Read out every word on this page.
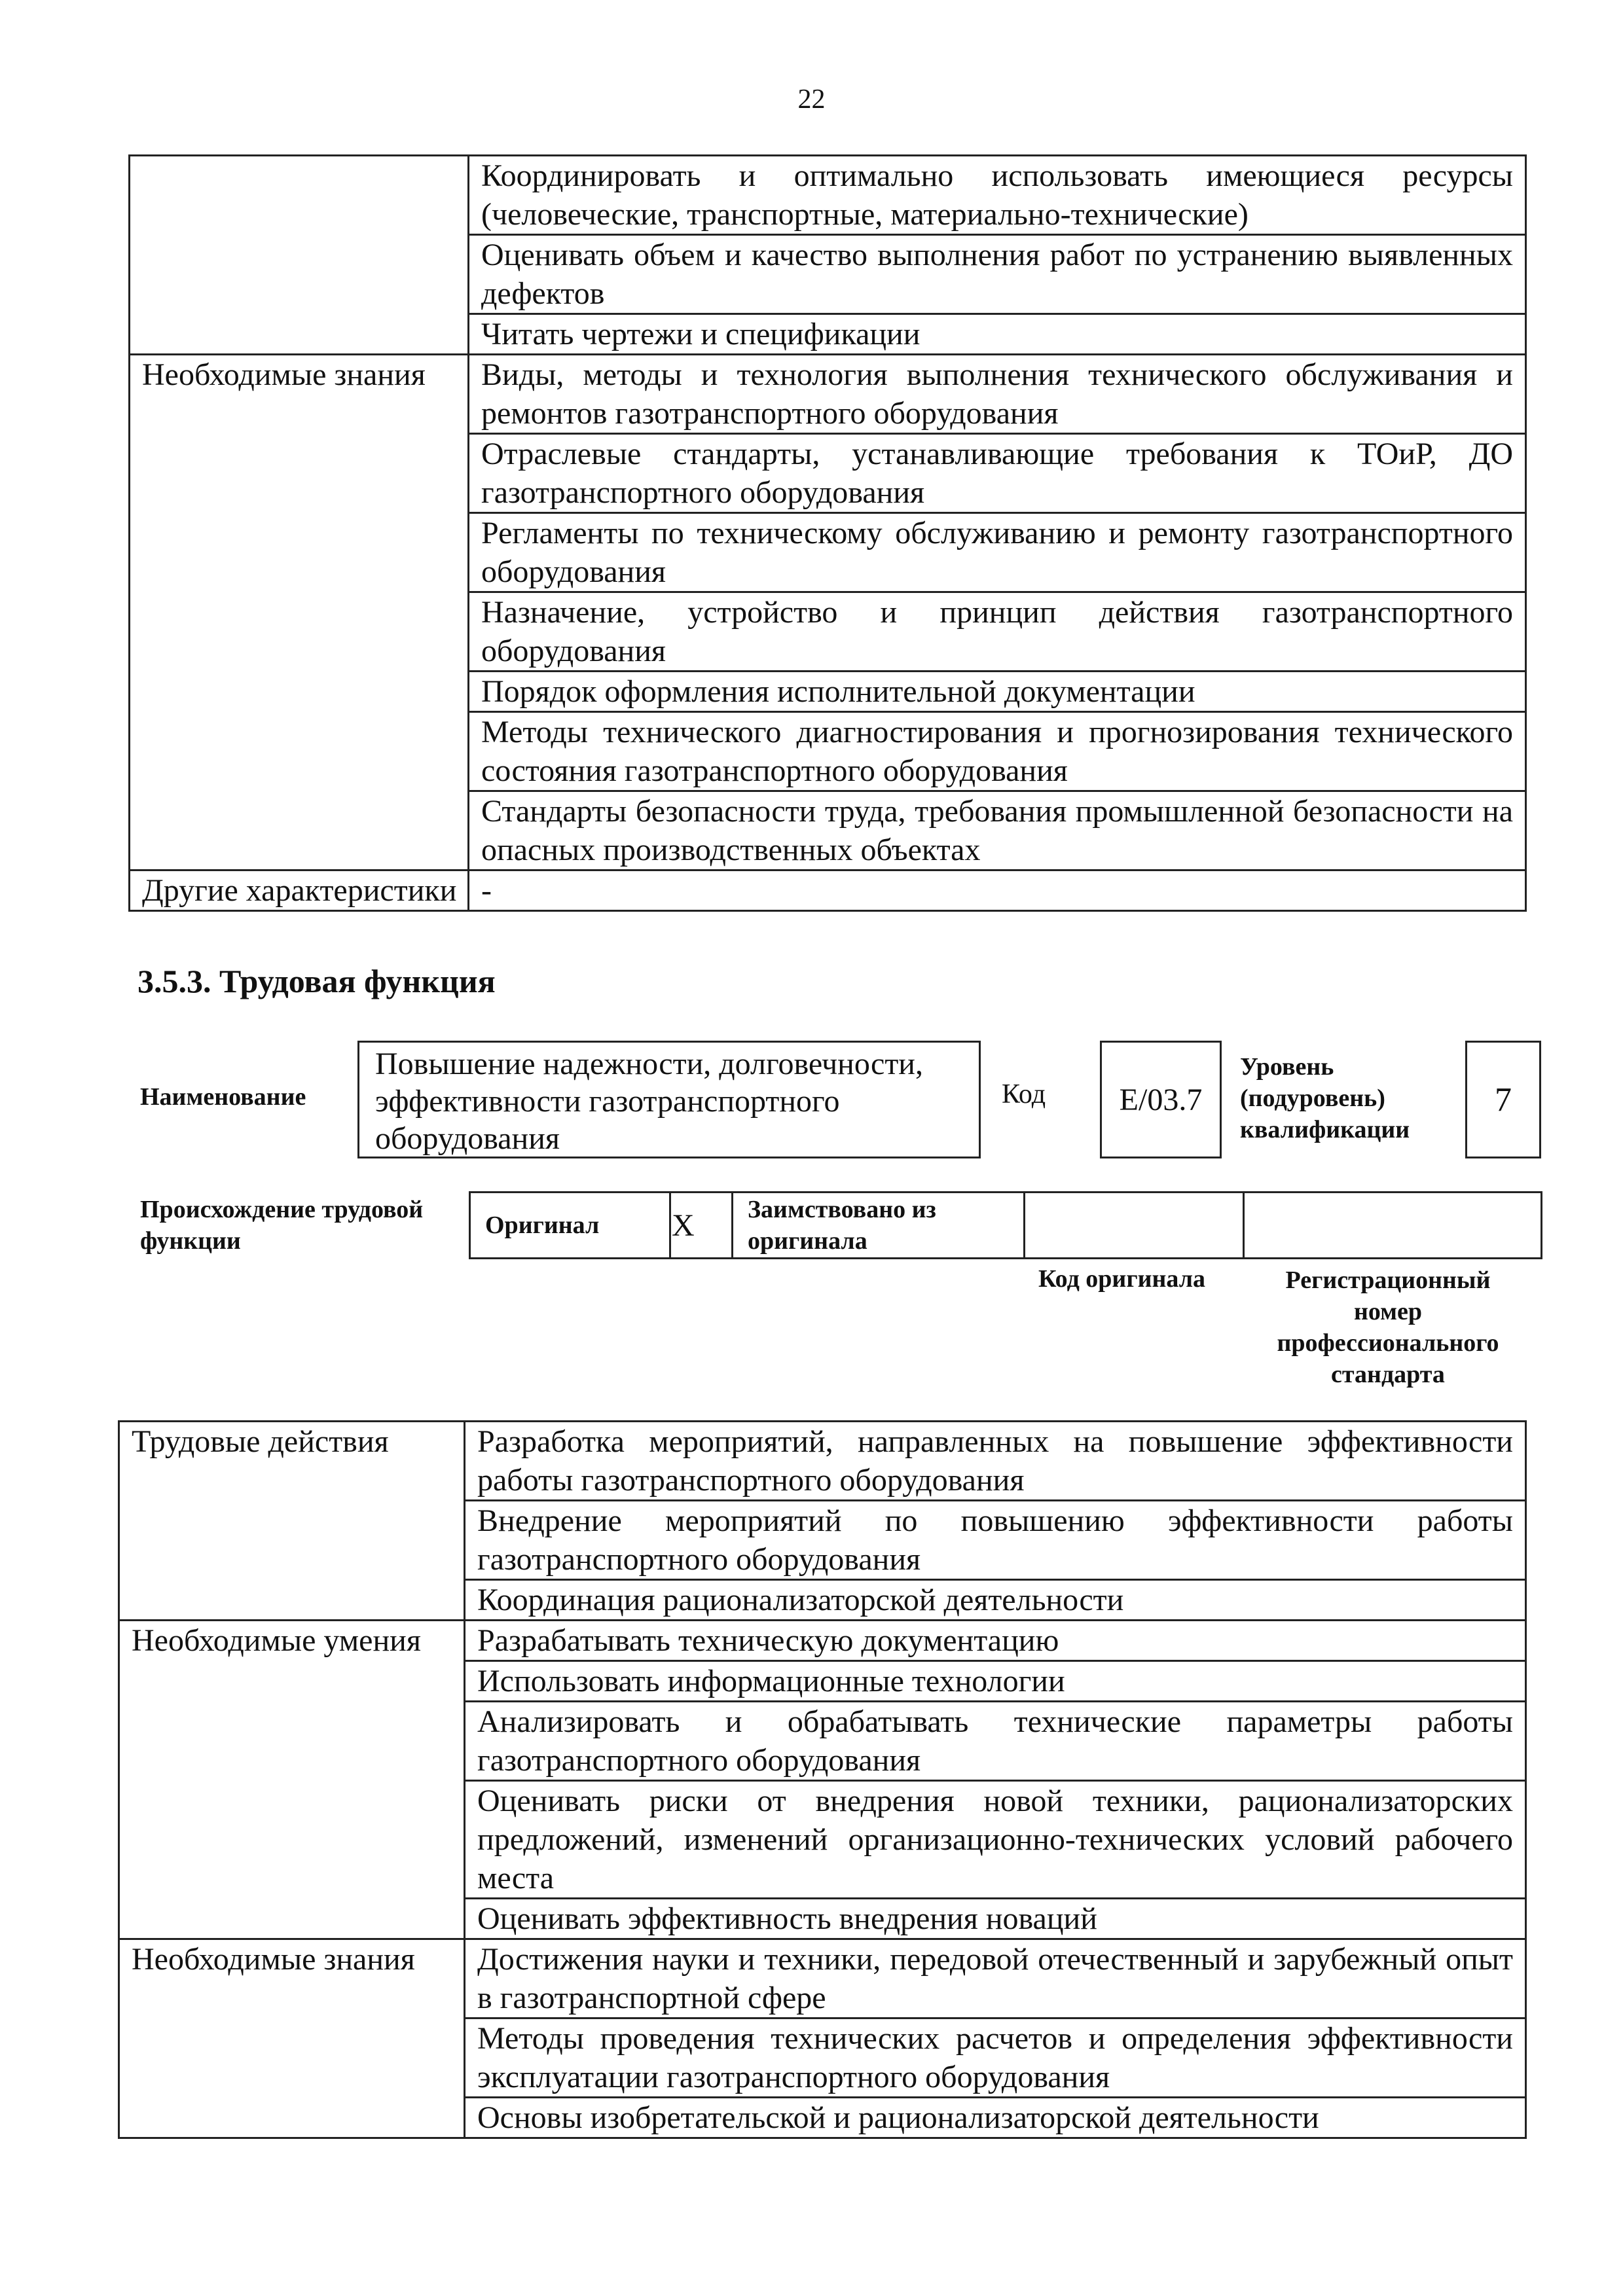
22
	Координировать и оптимально использовать имеющиеся ресурсы (человеческие, транспортные, материально-технические)
	Оценивать объем и качество выполнения работ по устранению выявленных дефектов
	Читать чертежи и спецификации
Необходимые знания	Виды, методы и технология выполнения технического обслуживания и ремонтов газотранспортного оборудования
	Отраслевые стандарты, устанавливающие требования к ТОиР, ДО газотранспортного оборудования
	Регламенты по техническому обслуживанию и ремонту газотранспортного оборудования
	Назначение, устройство и принцип действия газотранспортного оборудования
	Порядок оформления исполнительной документации
	Методы технического диагностирования и прогнозирования технического состояния газотранспортного оборудования
	Стандарты безопасности труда, требования промышленной безопасности на опасных производственных объектах
Другие характеристики	-
3.5.3. Трудовая функция
Наименование
Повышение надежности, долговечности, эффективности газотранспортного оборудования
Код	E/03.7
Уровень (подуровень) квалификации
7
Происхождение трудовой функции
Оригинал	X	Заимствовано из оригинала		
Код оригинала	Регистрационный номер профессионального стандарта
Трудовые действия	Разработка мероприятий, направленных на повышение эффективности работы газотранспортного оборудования
	Внедрение мероприятий по повышению эффективности работы газотранспортного оборудования
	Координация рационализаторской деятельности
Необходимые умения	Разрабатывать техническую документацию
	Использовать информационные технологии
	Анализировать и обрабатывать технические параметры работы газотранспортного оборудования
	Оценивать риски от внедрения новой техники, рационализаторских предложений, изменений организационно-технических условий рабочего места
	Оценивать эффективность внедрения новаций
Необходимые знания	Достижения науки и техники, передовой отечественный и зарубежный опыт в газотранспортной сфере
	Методы проведения технических расчетов и определения эффективности эксплуатации газотранспортного оборудования
	Основы изобретательской и рационализаторской деятельности
